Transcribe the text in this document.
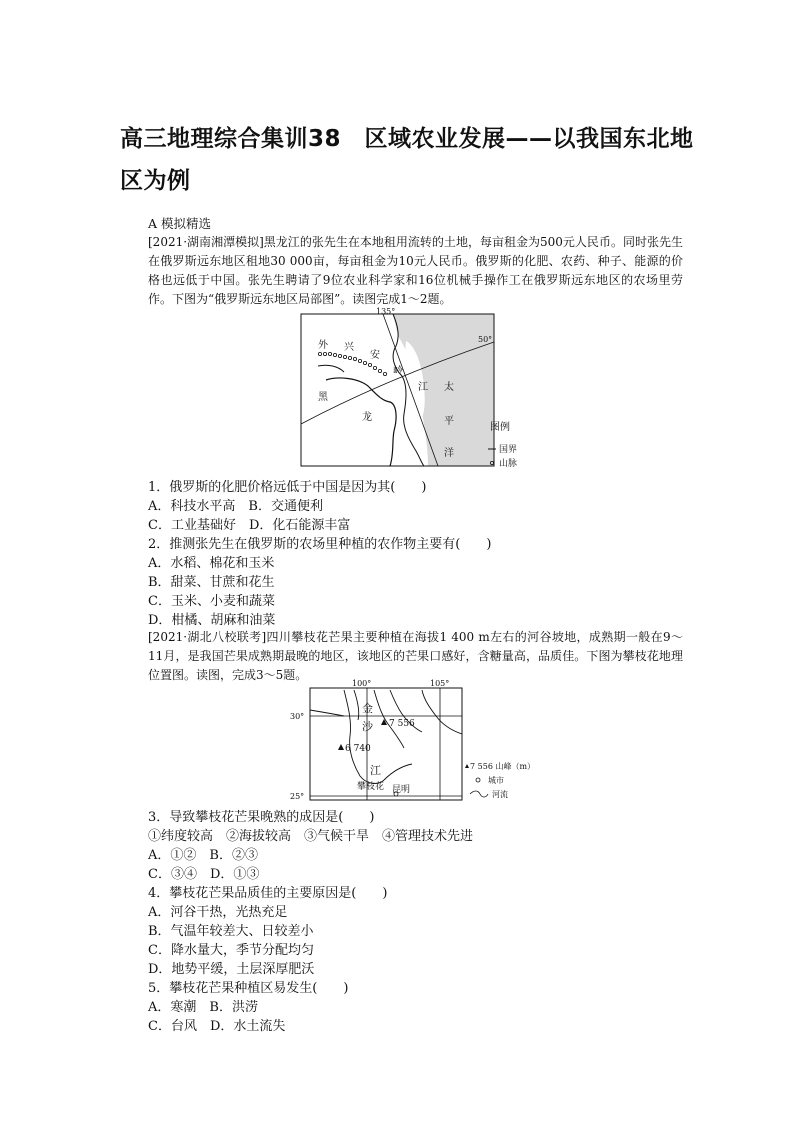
高三地理综合集训38　区域农业发展——以我国东北地区为例
A 模拟精选
[2021·湖南湘潭模拟]黑龙江的张先生在本地租用流转的土地，每亩租金为500元人民币。同时张先生在俄罗斯远东地区租地30 000亩，每亩租金为10元人民币。俄罗斯的化肥、农药、种子、能源的价格也远低于中国。张先生聘请了9位农业科学家和16位机械手操作工在俄罗斯远东地区的农场里劳作。下图为“俄罗斯远东地区局部图”。读图完成1～2题。
135°
50°
外 兴
安
岭
黑
龙
江 太
平
洋
图例
国界
山脉
1．俄罗斯的化肥价格远低于中国是因为其(　　)
A．科技水平高　B．交通便利
C．工业基础好　D．化石能源丰富
2．推测张先生在俄罗斯的农场里种植的农作物主要有(　　)
A．水稻、棉花和玉米
B．甜菜、甘蔗和花生
C．玉米、小麦和蔬菜
D．柑橘、胡麻和油菜
[2021·湖北八校联考]四川攀枝花芒果主要种植在海拔1 400 m左右的河谷坡地，成熟期一般在9～11月，是我国芒果成熟期最晚的地区，该地区的芒果口感好，含糖量高，品质佳。下图为攀枝花地理位置图。读图，完成3～5题。
100°	105°
30°
25°
7 556
6 740
金
沙
江
攀枝花 昆明
7 556 山峰（m）
城市
河流
3．导致攀枝花芒果晚熟的成因是(　　)
①纬度较高　②海拔较高　③气候干旱　④管理技术先进
A．①②　B．②③
C．③④　D．①③
4．攀枝花芒果品质佳的主要原因是(　　)
A．河谷干热，光热充足
B．气温年较差大、日较差小
C．降水量大，季节分配均匀
D．地势平缓，土层深厚肥沃
5．攀枝花芒果种植区易发生(　　)
A．寒潮　B．洪涝
C．台风　D．水土流失
